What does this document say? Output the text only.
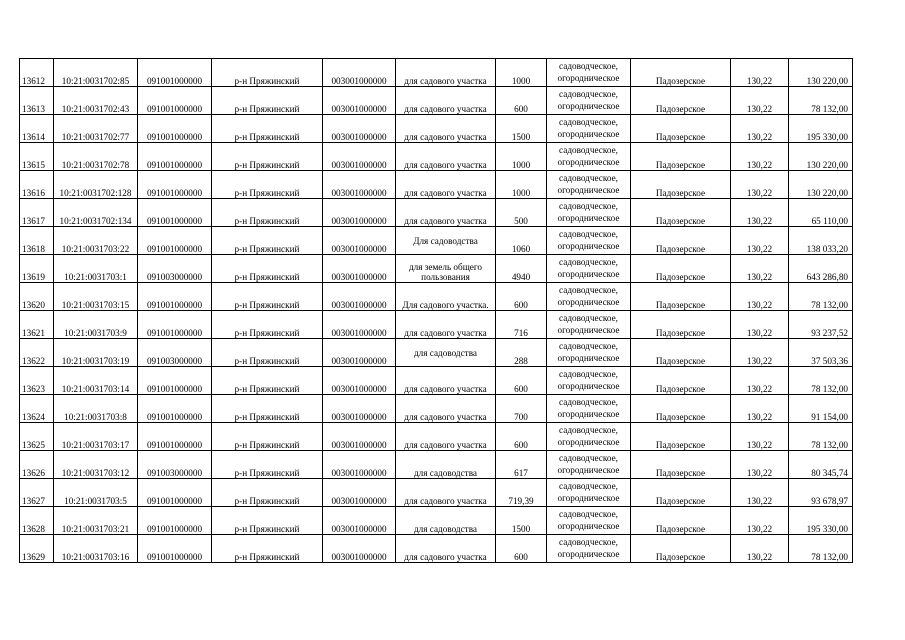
13612	10:21:0031702:85	091001000000	р-н Пряжинский	003001000000	для садового участка	1000	садоводческое, огородническое	Падозерское	130,22	130 220,00
13613	10:21:0031702:43	091001000000	р-н Пряжинский	003001000000	для садового участка	600	садоводческое, огородническое	Падозерское	130,22	78 132,00
13614	10:21:0031702:77	091001000000	р-н Пряжинский	003001000000	для садового участка	1500	садоводческое, огородническое	Падозерское	130,22	195 330,00
13615	10:21:0031702:78	091001000000	р-н Пряжинский	003001000000	для садового участка	1000	садоводческое, огородническое	Падозерское	130,22	130 220,00
13616	10:21:0031702:128	091001000000	р-н Пряжинский	003001000000	для садового участка	1000	садоводческое, огородническое	Падозерское	130,22	130 220,00
13617	10:21:0031702:134	091001000000	р-н Пряжинский	003001000000	для садового участка	500	садоводческое, огородническое	Падозерское	130,22	65 110,00
13618	10:21:0031703:22	091001000000	р-н Пряжинский	003001000000	Для садоводства	1060	садоводческое, огородническое	Падозерское	130,22	138 033,20
13619	10:21:0031703:1	091003000000	р-н Пряжинский	003001000000	для земель общего пользования	4940	садоводческое, огородническое	Падозерское	130,22	643 286,80
13620	10:21:0031703:15	091001000000	р-н Пряжинский	003001000000	Для садового участка.	600	садоводческое, огородническое	Падозерское	130,22	78 132,00
13621	10:21:0031703:9	091001000000	р-н Пряжинский	003001000000	для садового участка	716	садоводческое, огородническое	Падозерское	130,22	93 237,52
13622	10:21:0031703:19	091003000000	р-н Пряжинский	003001000000	для садоводства	288	садоводческое, огородническое	Падозерское	130,22	37 503,36
13623	10:21:0031703:14	091001000000	р-н Пряжинский	003001000000	для садового участка	600	садоводческое, огородническое	Падозерское	130,22	78 132,00
13624	10:21:0031703:8	091001000000	р-н Пряжинский	003001000000	для садового участка	700	садоводческое, огородническое	Падозерское	130,22	91 154,00
13625	10:21:0031703:17	091001000000	р-н Пряжинский	003001000000	для садового участка	600	садоводческое, огородническое	Падозерское	130,22	78 132,00
13626	10:21:0031703:12	091003000000	р-н Пряжинский	003001000000	для садоводства	617	садоводческое, огородническое	Падозерское	130,22	80 345,74
13627	10:21:0031703:5	091001000000	р-н Пряжинский	003001000000	для садового участка	719,39	садоводческое, огородническое	Падозерское	130,22	93 678,97
13628	10:21:0031703:21	091001000000	р-н Пряжинский	003001000000	для садоводства	1500	садоводческое, огородническое	Падозерское	130,22	195 330,00
13629	10:21:0031703:16	091001000000	р-н Пряжинский	003001000000	для садового участка	600	садоводческое, огородническое	Падозерское	130,22	78 132,00
